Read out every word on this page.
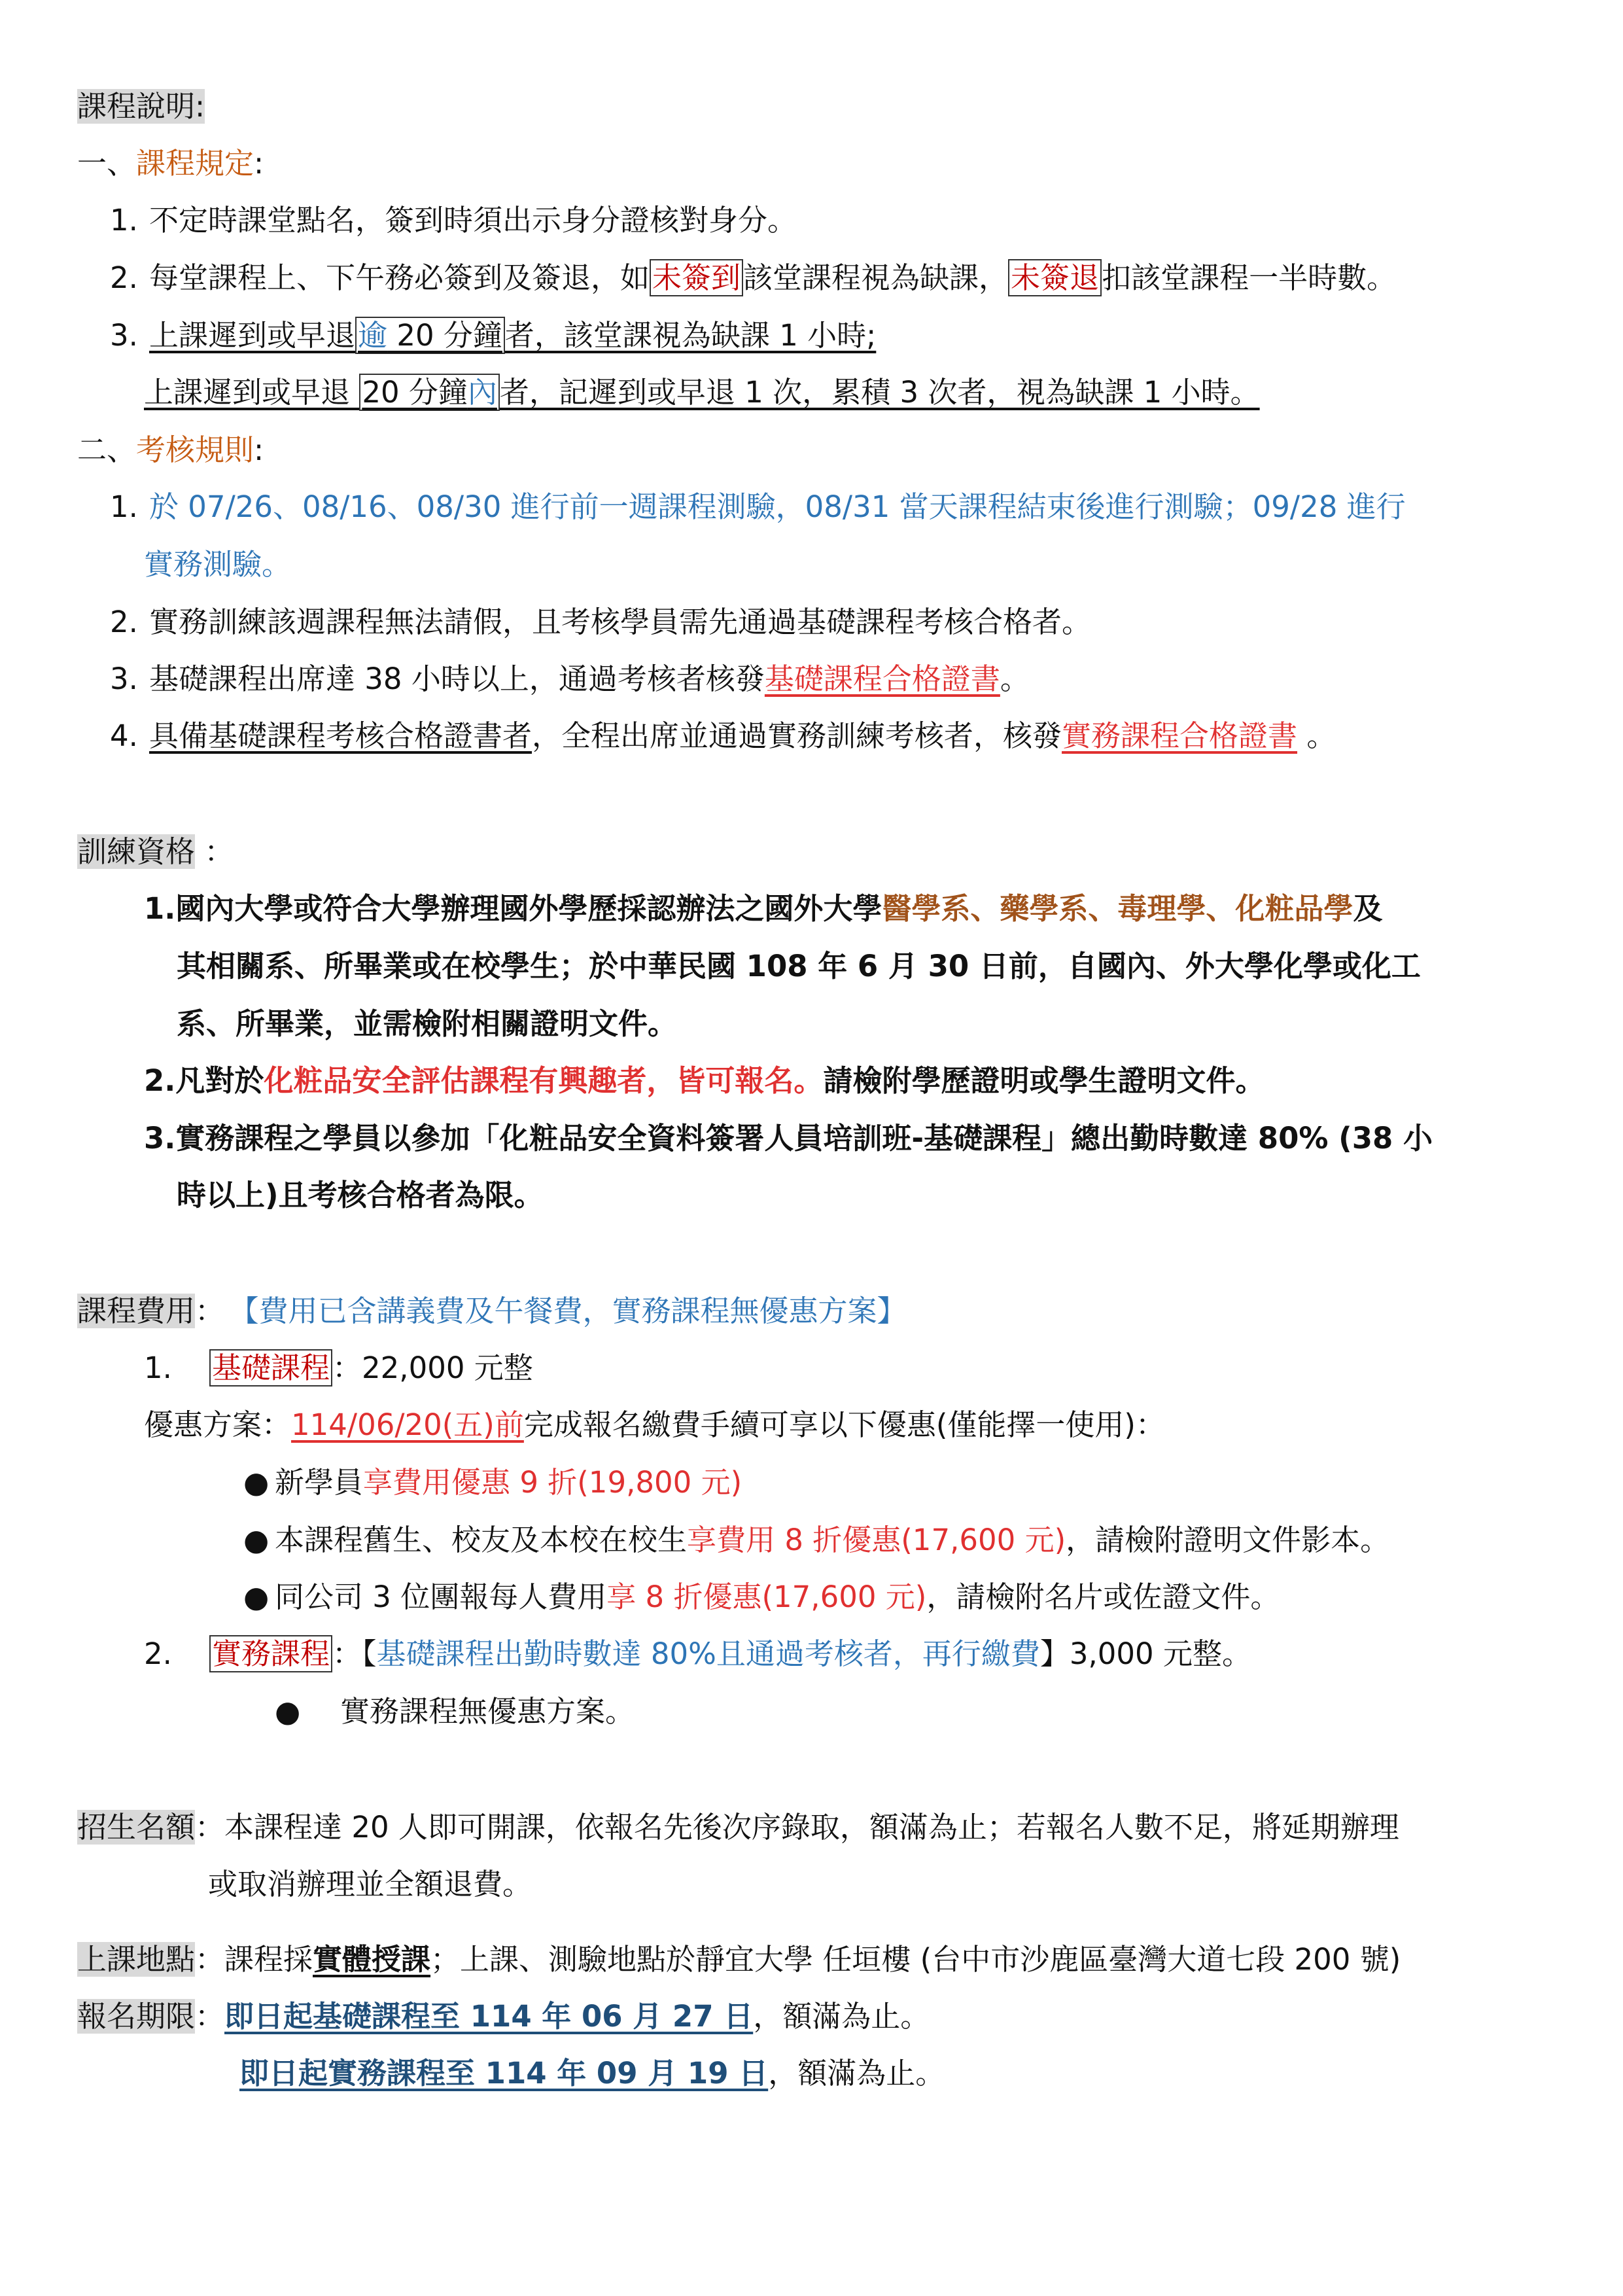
課程說明:
一、課程規定:
1. 不定時課堂點名，簽到時須出示身分證核對身分。
2. 每堂課程上、下午務必簽到及簽退，如未簽到該堂課程視為缺課，未簽退扣該堂課程一半時數。
3. 上課遲到或早退逾 20 分鐘者，該堂課視為缺課 1 小時;
上課遲到或早退 20 分鐘內者，記遲到或早退 1 次，累積 3 次者，視為缺課 1 小時。
二、考核規則:
1. 於 07/26、08/16、08/30 進行前一週課程測驗，08/31 當天課程結束後進行測驗；09/28 進行
實務測驗。
2. 實務訓練該週課程無法請假，且考核學員需先通過基礎課程考核合格者。
3. 基礎課程出席達 38 小時以上，通過考核者核發基礎課程合格證書。
4. 具備基礎課程考核合格證書者，全程出席並通過實務訓練考核者，核發實務課程合格證書 。
訓練資格 ：
1.國內大學或符合大學辦理國外學歷採認辦法之國外大學醫學系、藥學系、毒理學、化粧品學及
其相關系、所畢業或在校學生；於中華民國 108 年 6 月 30 日前，自國內、外大學化學或化工
系、所畢業，並需檢附相關證明文件。
2.凡對於化粧品安全評估課程有興趣者，皆可報名。請檢附學歷證明或學生證明文件。
3.實務課程之學員以參加「化粧品安全資料簽署人員培訓班-基礎課程」總出勤時數達 80% (38 小
時以上)且考核合格者為限。
課程費用： 【費用已含講義費及午餐費，實務課程無優惠方案】
1. 基礎課程：22,000 元整
優惠方案：114/06/20(五)前完成報名繳費手續可享以下優惠(僅能擇一使用)：
● 新學員享費用優惠 9 折(19,800 元)
● 本課程舊生、校友及本校在校生享費用 8 折優惠(17,600 元)，請檢附證明文件影本。
● 同公司 3 位團報每人費用享 8 折優惠(17,600 元)，請檢附名片或佐證文件。
2. 實務課程：【基礎課程出勤時數達 80%且通過考核者，再行繳費】3,000 元整。
● 實務課程無優惠方案。
招生名額：本課程達 20 人即可開課，依報名先後次序錄取，額滿為止；若報名人數不足，將延期辦理
或取消辦理並全額退費。
上課地點：課程採實體授課；上課、測驗地點於靜宜大學 任垣樓 (台中市沙鹿區臺灣大道七段 200 號)
報名期限：即日起基礎課程至 114 年 06 月 27 日，額滿為止。
即日起實務課程至 114 年 09 月 19 日，額滿為止。
